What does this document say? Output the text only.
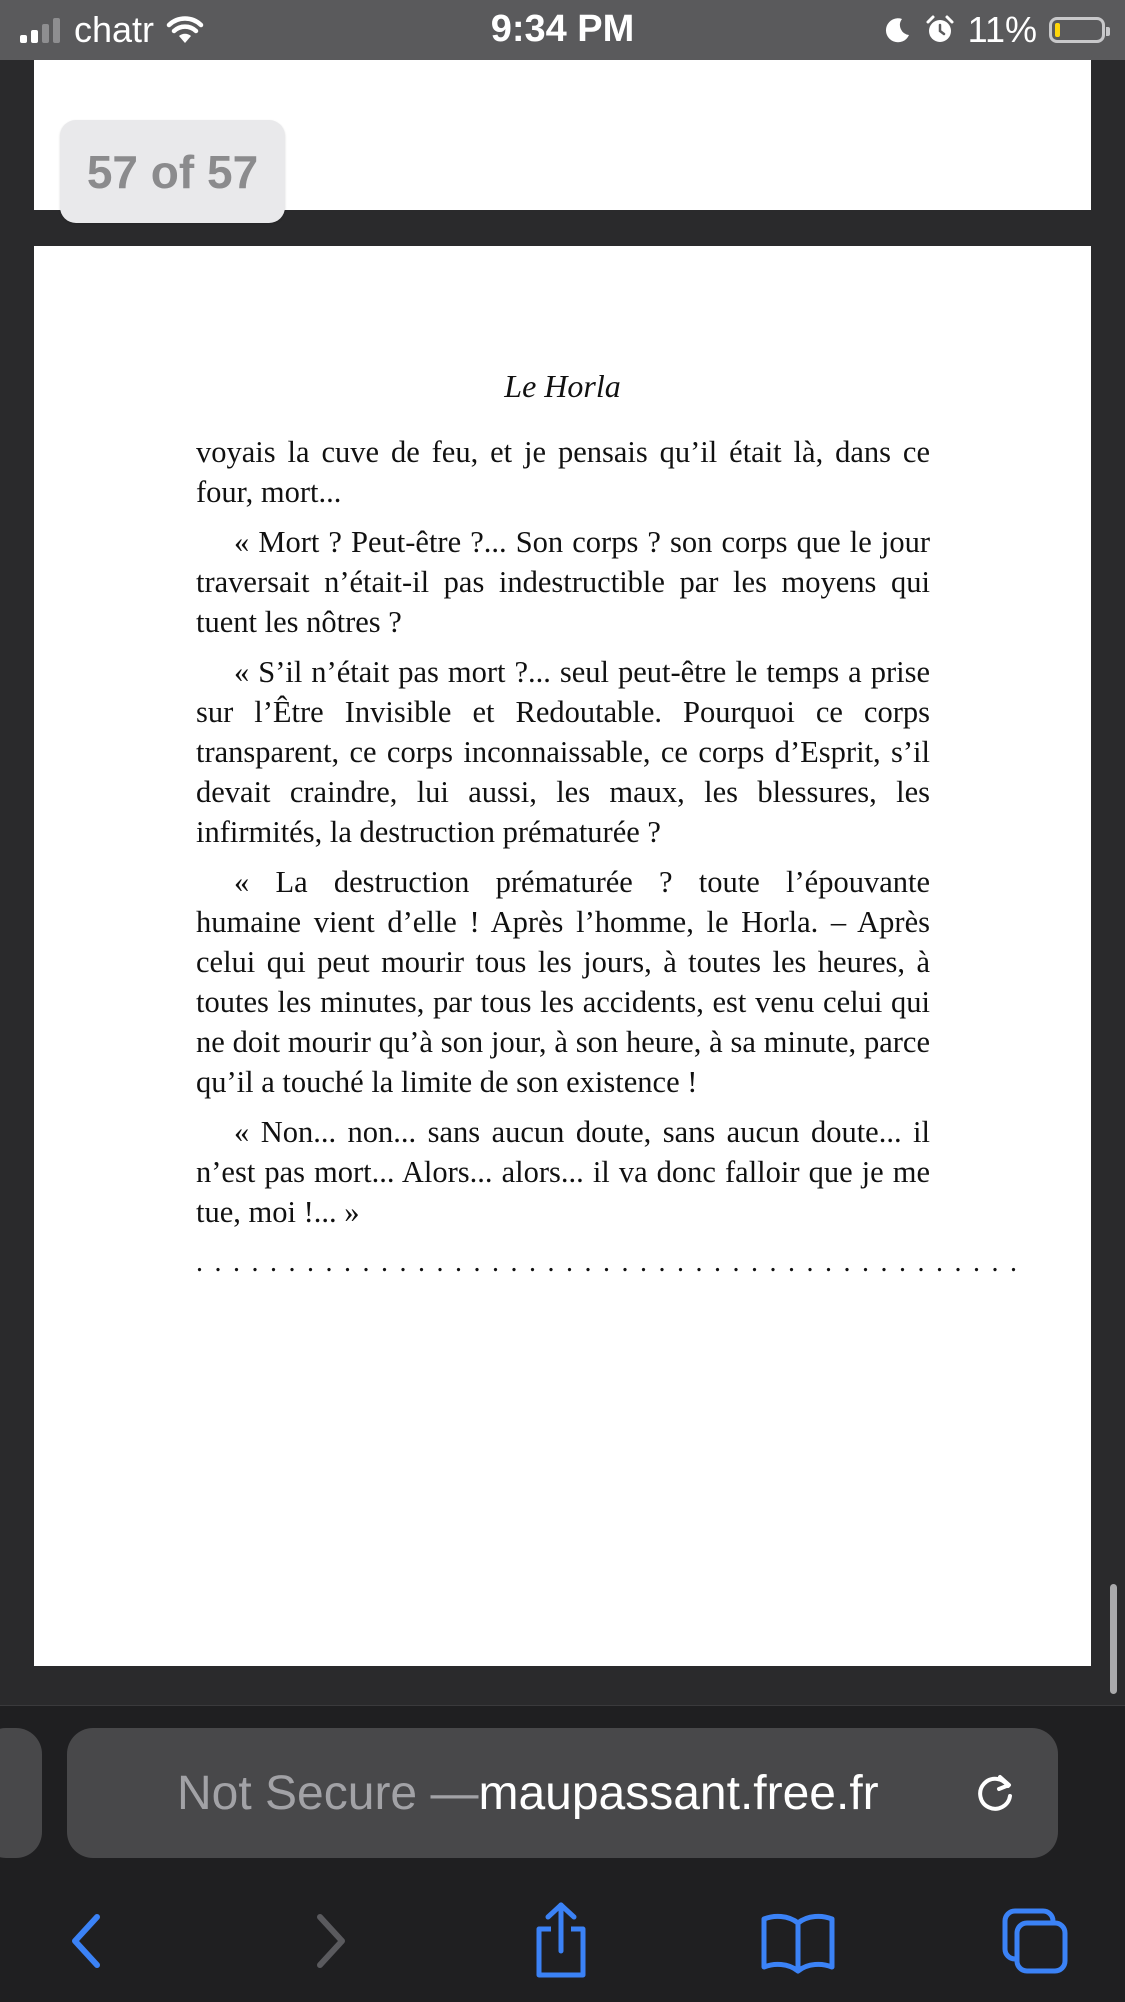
chatr	9:34 PM	11%
57 of 57
Le Horla

voyais la cuve de feu, et je pensais qu’il était là, dans ce four, mort...

« Mort ? Peut-être ?... Son corps ? son corps que le jour traversait n’était-il pas indestructible par les moyens qui tuent les nôtres ?

« S’il n’était pas mort ?... seul peut-être le temps a prise sur l’Être Invisible et Redoutable. Pourquoi ce corps transparent, ce corps inconnaissable, ce corps d’Esprit, s’il devait craindre, lui aussi, les maux, les blessures, les infirmités, la destruction prématurée ?

« La destruction prématurée ? toute l’épouvante humaine vient d’elle ! Après l’homme, le Horla. – Après celui qui peut mourir tous les jours, à toutes les heures, à toutes les minutes, par tous les accidents, est venu celui qui ne doit mourir qu’à son jour, à son heure, à sa minute, parce qu’il a touché la limite de son existence !

« Non... non... sans aucun doute, sans aucun doute... il n’est pas mort... Alors... alors... il va donc falloir que je me tue, moi !... »

.............................................
Not Secure — maupassant.free.fr
